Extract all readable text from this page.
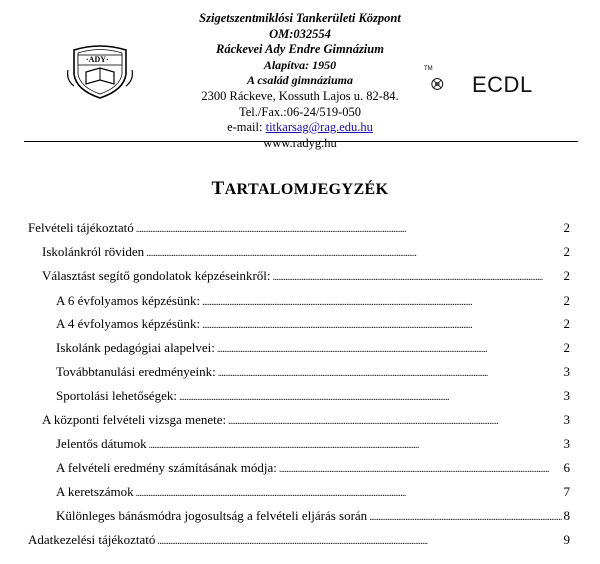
·ADY·
Szigetszentmiklósi Tankerületi Központ
OM:032554
Ráckevei Ady Endre Gimnázium
Alapítva: 1950
A család gimnáziuma
2300 Ráckeve, Kossuth Lajos u. 82-84.
Tel./Fax.:06-24/519-050
e-mail: titkarsag@rag.edu.hu
www.radyg.hu
TM
ECDL
TARTALOMJEGYZÉK
Felvételi tájékoztató . . .	2
Iskolánkról röviden . . .	2
Választást segítő gondolatok képzéseinkről: . . .	2
A 6 évfolyamos képzésünk: . . .	2
A 4 évfolyamos képzésünk: . . .	2
Iskolánk pedagógiai alapelvei: . . .	2
Továbbtanulási eredményeink: . . .	3
Sportolási lehetőségek: . . .	3
A központi felvételi vizsga menete: . . .	3
Jelentős dátumok . . .	3
A felvételi eredmény számításának módja: . . .	6
A keretszámok . . .	7
Különleges bánásmódra jogosultság a felvételi eljárás során . . .	8
Adatkezelési tájékoztató . . .	9
